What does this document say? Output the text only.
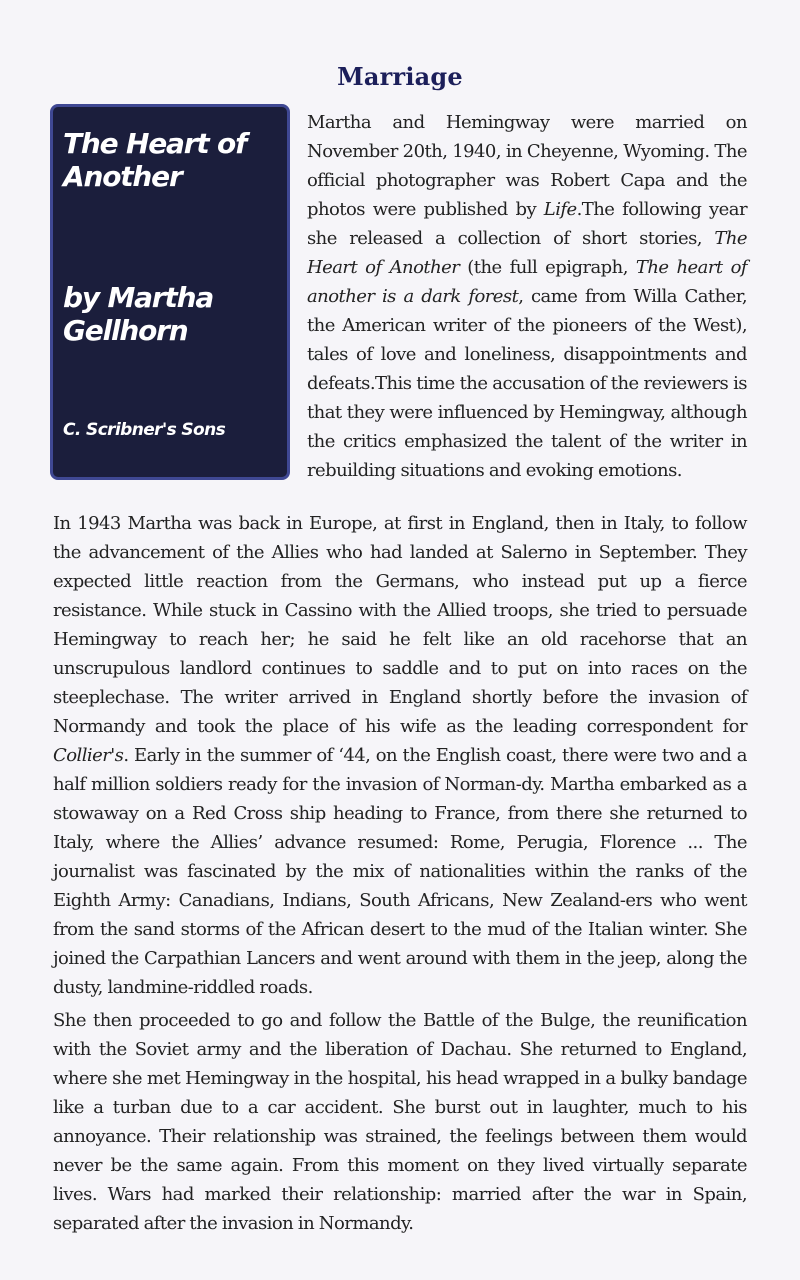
Marriage
The Heart of Another
by Martha Gellhorn
C. Scribner's Sons

Martha and Hemingway were married on November 20th, 1940, in Cheyenne, Wyoming. The official photographer was Robert Capa and the photos were published by Life.The following year she released a collection of short stories, The Heart of Another (the full epigraph, The heart of another is a dark forest, came from Willa Cather, the American writer of the pioneers of the West), tales of love and loneliness, disappointments and defeats.This time the accusation of the reviewers is that they were influenced by Hemingway, although the critics emphasized the talent of the writer in rebuilding situations and evoking emotions.

In 1943 Martha was back in Europe, at first in England, then in Italy, to follow the advancement of the Allies who had landed at Salerno in September. They expected little reaction from the Germans, who instead put up a fierce resistance. While stuck in Cassino with the Allied troops, she tried to persuade Hemingway to reach her; he said he felt like an old racehorse that an unscrupulous landlord continues to saddle and to put on into races on the steeplechase. The writer arrived in England shortly before the invasion of Normandy and took the place of his wife as the leading correspondent for Collier's. Early in the summer of ‘44, on the English coast, there were two and a half million soldiers ready for the invasion of Norman-dy. Martha embarked as a stowaway on a Red Cross ship heading to France, from there she returned to Italy, where the Allies’ advance resumed: Rome, Perugia, Florence ... The journalist was fascinated by the mix of nationalities within the ranks of the Eighth Army: Canadians, Indians, South Africans, New Zealand-ers who went from the sand storms of the African desert to the mud of the Italian winter. She joined the Carpathian Lancers and went around with them in the jeep, along the dusty, landmine-riddled roads.

She then proceeded to go and follow the Battle of the Bulge, the reunification with the Soviet army and the liberation of Dachau. She returned to England, where she met Hemingway in the hospital, his head wrapped in a bulky bandage like a turban due to a car accident. She burst out in laughter, much to his annoyance. Their relationship was strained, the feelings between them would never be the same again. From this moment on they lived virtually separate lives. Wars had marked their relationship: married after the war in Spain, separated after the invasion in Normandy.
